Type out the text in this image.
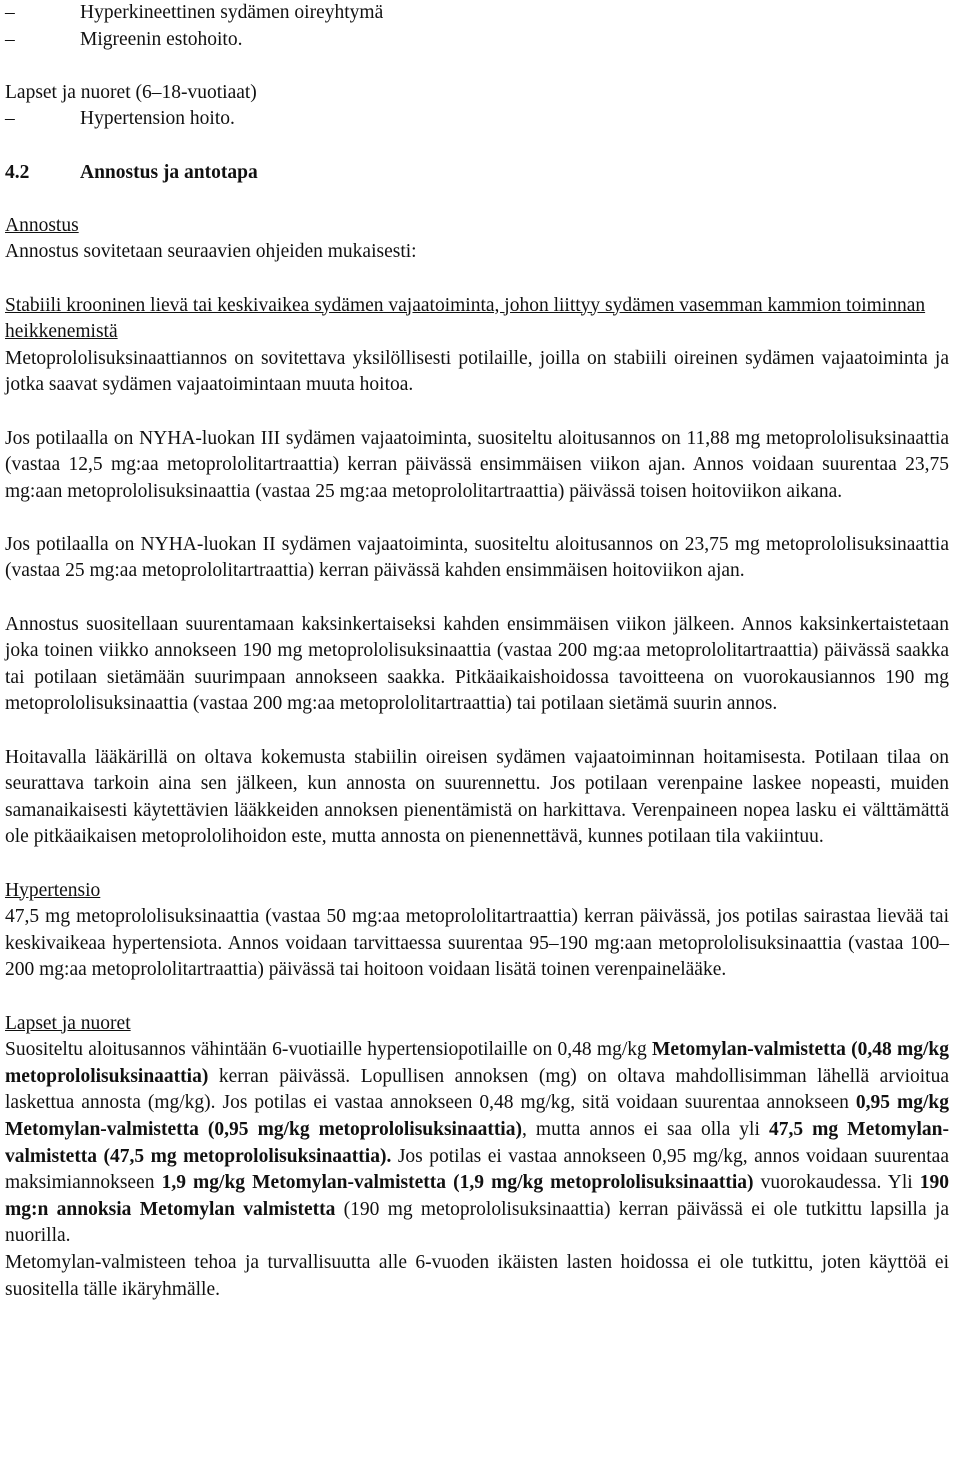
–	Hyperkineettinen sydämen oireyhtymä
–	Migreenin estohoito.

Lapset ja nuoret (6–18-vuotiaat)

–	Hypertension hoito.
4.2	Annostus ja antotapa

Annostus

Annostus sovitetaan seuraavien ohjeiden mukaisesti:

Stabiili krooninen lievä tai keskivaikea sydämen vajaatoiminta, johon liittyy sydämen vasemman kammion toiminnan heikkenemistä

Metoprololisuksinaattiannos on sovitettava yksilöllisesti potilaille, joilla on stabiili oireinen sydämen vajaatoiminta ja jotka saavat sydämen vajaatoimintaan muuta hoitoa.

Jos potilaalla on NYHA-luokan III sydämen vajaatoiminta, suositeltu aloitusannos on 11,88 mg metoprololisuksinaattia (vastaa 12,5 mg:aa metoprololitartraattia) kerran päivässä ensimmäisen viikon ajan. Annos voidaan suurentaa 23,75 mg:aan metoprololisuksinaattia (vastaa 25 mg:aa metoprololitartraattia) päivässä toisen hoitoviikon aikana.

Jos potilaalla on NYHA-luokan II sydämen vajaatoiminta, suositeltu aloitusannos on 23,75 mg metoprololisuksinaattia (vastaa 25 mg:aa metoprololitartraattia) kerran päivässä kahden ensimmäisen hoitoviikon ajan.

Annostus suositellaan suurentamaan kaksinkertaiseksi kahden ensimmäisen viikon jälkeen. Annos kaksinkertaistetaan joka toinen viikko annokseen 190 mg metoprololisuksinaattia (vastaa 200 mg:aa metoprololitartraattia) päivässä saakka tai potilaan sietämään suurimpaan annokseen saakka. Pitkäaikaishoidossa tavoitteena on vuorokausiannos 190 mg metoprololisuksinaattia (vastaa 200 mg:aa metoprololitartraattia) tai potilaan sietämä suurin annos.

Hoitavalla lääkärillä on oltava kokemusta stabiilin oireisen sydämen vajaatoiminnan hoitamisesta. Potilaan tilaa on seurattava tarkoin aina sen jälkeen, kun annosta on suurennettu. Jos potilaan verenpaine laskee nopeasti, muiden samanaikaisesti käytettävien lääkkeiden annoksen pienentämistä on harkittava. Verenpaineen nopea lasku ei välttämättä ole pitkäaikaisen metoprololihoidon este, mutta annosta on pienennettävä, kunnes potilaan tila vakiintuu.

Hypertensio

47,5 mg metoprololisuksinaattia (vastaa 50 mg:aa metoprololitartraattia) kerran päivässä, jos potilas sairastaa lievää tai keskivaikeaa hypertensiota. Annos voidaan tarvittaessa suurentaa 95–190 mg:aan metoprololisuksinaattia (vastaa 100–200 mg:aa metoprololitartraattia) päivässä tai hoitoon voidaan lisätä toinen verenpainelääke.

Lapset ja nuoret

Suositeltu aloitusannos vähintään 6-vuotiaille hypertensiopotilaille on 0,48 mg/kg Metomylan-valmistetta (0,48 mg/kg metoprololisuksinaattia) kerran päivässä. Lopullisen annoksen (mg) on oltava mahdollisimman lähellä arvioitua laskettua annosta (mg/kg). Jos potilas ei vastaa annokseen 0,48 mg/kg, sitä voidaan suurentaa annokseen 0,95 mg/kg Metomylan-valmistetta (0,95 mg/kg metoprololisuksinaattia), mutta annos ei saa olla yli 47,5 mg Metomylan-valmistetta (47,5 mg metoprololisuksinaattia). Jos potilas ei vastaa annokseen 0,95 mg/kg, annos voidaan suurentaa maksimiannokseen 1,9 mg/kg Metomylan-valmistetta (1,9 mg/kg metoprololisuksinaattia) vuorokaudessa. Yli 190 mg:n annoksia Metomylan valmistetta (190 mg metoprololisuksinaattia) kerran päivässä ei ole tutkittu lapsilla ja nuorilla.

Metomylan-valmisteen tehoa ja turvallisuutta alle 6-vuoden ikäisten lasten hoidossa ei ole tutkittu, joten käyttöä ei suositella tälle ikäryhmälle.
